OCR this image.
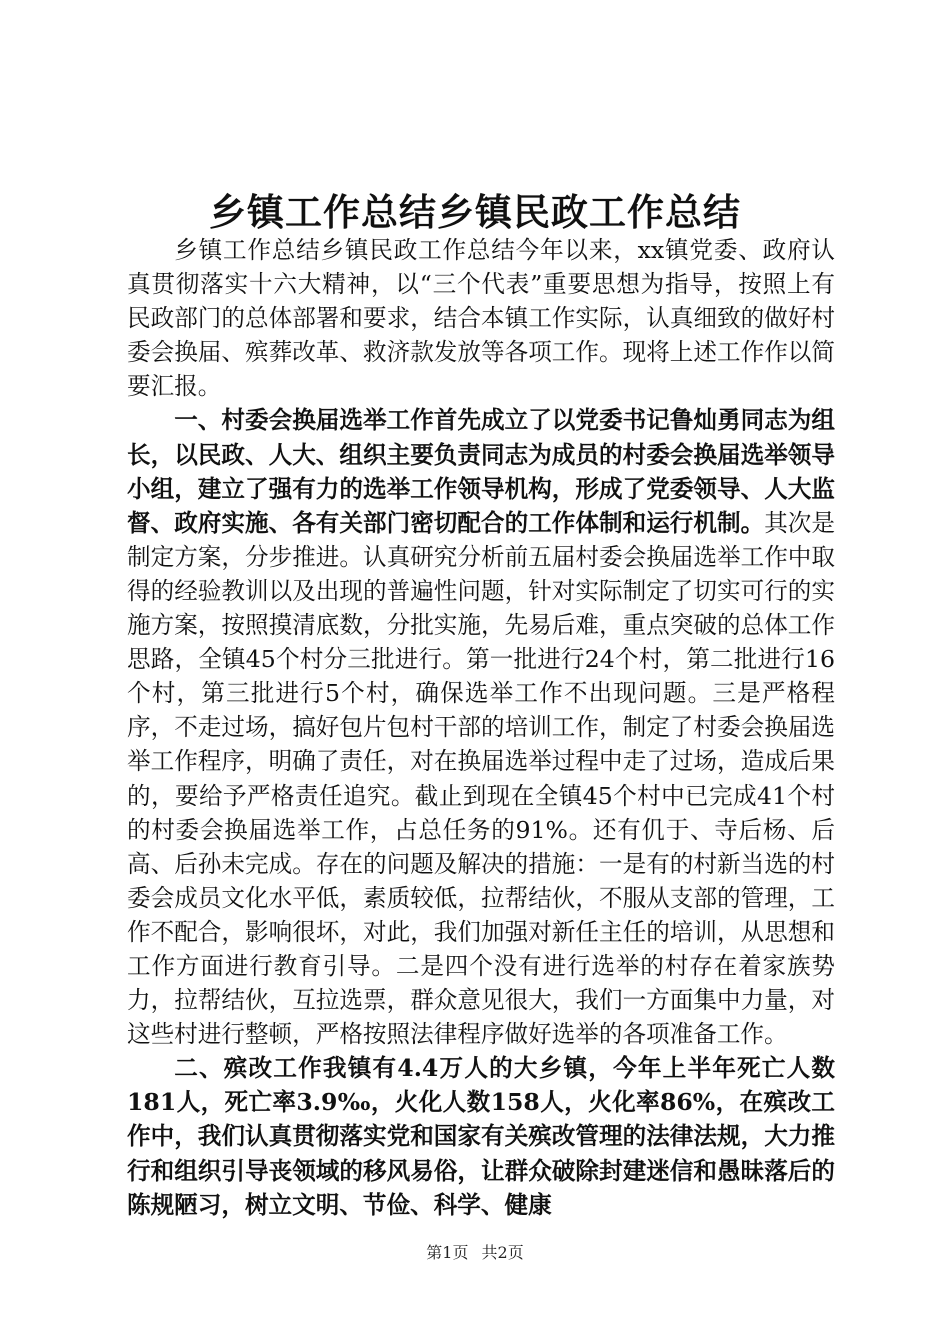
乡镇工作总结乡镇民政工作总结

乡镇工作总结乡镇民政工作总结今年以来，xx镇党委、政府认真贯彻落实十六大精神，以“三个代表”重要思想为指导，按照上有民政部门的总体部署和要求，结合本镇工作实际，认真细致的做好村委会换届、殡葬改革、救济款发放等各项工作。现将上述工作作以简要汇报。

一、村委会换届选举工作首先成立了以党委书记鲁灿勇同志为组长，以民政、人大、组织主要负责同志为成员的村委会换届选举领导小组，建立了强有力的选举工作领导机构，形成了党委领导、人大监督、政府实施、各有关部门密切配合的工作体制和运行机制。其次是制定方案，分步推进。认真研究分析前五届村委会换届选举工作中取得的经验教训以及出现的普遍性问题，针对实际制定了切实可行的实施方案，按照摸清底数，分批实施，先易后难，重点突破的总体工作思路，全镇45个村分三批进行。第一批进行24个村，第二批进行16个村，第三批进行5个村，确保选举工作不出现问题。三是严格程序，不走过场，搞好包片包村干部的培训工作，制定了村委会换届选举工作程序，明确了责任，对在换届选举过程中走了过场，造成后果的，要给予严格责任追究。截止到现在全镇45个村中已完成41个村的村委会换届选举工作，占总任务的91%。还有仉于、寺后杨、后高、后孙未完成。存在的问题及解决的措施：一是有的村新当选的村委会成员文化水平低，素质较低，拉帮结伙，不服从支部的管理，工作不配合，影响很坏，对此，我们加强对新任主任的培训，从思想和工作方面进行教育引导。二是四个没有进行选举的村存在着家族势力，拉帮结伙，互拉选票，群众意见很大，我们一方面集中力量，对这些村进行整顿，严格按照法律程序做好选举的各项准备工作。

二、殡改工作我镇有4.4万人的大乡镇，今年上半年死亡人数181人，死亡率3.9‰，火化人数158人，火化率86%，在殡改工作中，我们认真贯彻落实党和国家有关殡改管理的法律法规，大力推行和组织引导丧领域的移风易俗，让群众破除封建迷信和愚昧落后的陈规陋习，树立文明、节俭、科学、健康

第1页 共2页
